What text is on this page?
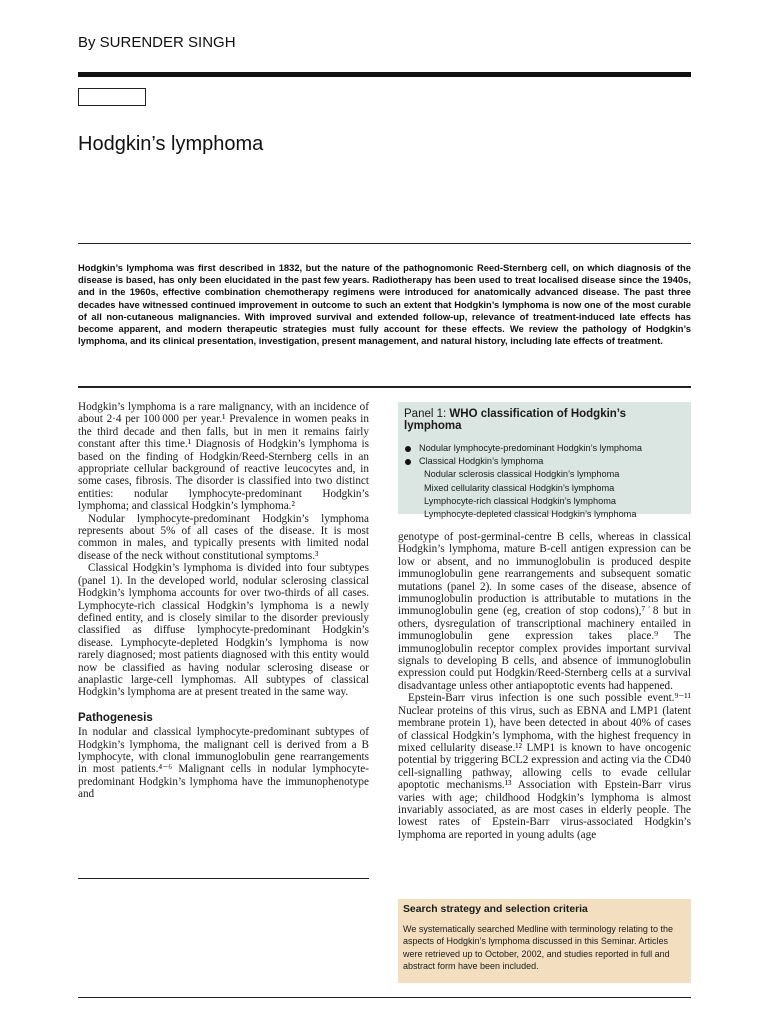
By SURENDER SINGH
Hodgkin’s lymphoma

Hodgkin’s lymphoma was first described in 1832, but the nature of the pathognomonic Reed-Sternberg cell, on which diagnosis of the disease is based, has only been elucidated in the past few years. Radiotherapy has been used to treat localised disease since the 1940s, and in the 1960s, effective combination chemotherapy regimens were introduced for anatomically advanced disease. The past three decades have witnessed continued improvement in outcome to such an extent that Hodgkin’s lymphoma is now one of the most curable of all non-cutaneous malignancies. With improved survival and extended follow-up, relevance of treatment-induced late effects has become apparent, and modern therapeutic strategies must fully account for these effects. We review the pathology of Hodgkin’s lymphoma, and its clinical presentation, investigation, present management, and natural history, including late effects of treatment.

Hodgkin’s lymphoma is a rare malignancy, with an incidence of about 2·4 per 100 000 per year.¹ Prevalence in women peaks in the third decade and then falls, but in men it remains fairly constant after this time.¹ Diagnosis of Hodgkin’s lymphoma is based on the finding of Hodgkin/Reed-Sternberg cells in an appropriate cellular background of reactive leucocytes and, in some cases, fibrosis. The disorder is classified into two distinct entities: nodular lymphocyte-predominant Hodgkin’s lymphoma; and classical Hodgkin’s lymphoma.²

Nodular lymphocyte-predominant Hodgkin’s lymphoma represents about 5% of all cases of the disease. It is most common in males, and typically presents with limited nodal disease of the neck without constitutional symptoms.³

Classical Hodgkin’s lymphoma is divided into four subtypes (panel 1). In the developed world, nodular sclerosing classical Hodgkin’s lymphoma accounts for over two-thirds of all cases. Lymphocyte-rich classical Hodgkin’s lymphoma is a newly defined entity, and is closely similar to the disorder previously classified as diffuse lymphocyte-predominant Hodgkin’s disease. Lymphocyte-depleted Hodgkin’s lymphoma is now rarely diagnosed; most patients diagnosed with this entity would now be classified as having nodular sclerosing disease or anaplastic large-cell lymphomas. All subtypes of classical Hodgkin’s lymphoma are at present treated in the same way.

Pathogenesis

In nodular and classical lymphocyte-predominant subtypes of Hodgkin’s lymphoma, the malignant cell is derived from a B lymphocyte, with clonal immunoglobulin gene rearrangements in most patients.⁴⁻⁶ Malignant cells in nodular lymphocyte-predominant Hodgkin’s lymphoma have the immunophenotype and

Panel 1: WHO classification of Hodgkin’s lymphoma
Nodular lymphocyte-predominant Hodgkin’s lymphoma
Classical Hodgkin’s lymphoma
Nodular sclerosis classical Hodgkin’s lymphoma
Mixed cellularity classical Hodgkin’s lymphoma
Lymphocyte-rich classical Hodgkin’s lymphoma
Lymphocyte-depleted classical Hodgkin’s lymphoma

genotype of post-germinal-centre B cells, whereas in classical Hodgkin’s lymphoma, mature B-cell antigen expression can be low or absent, and no immunoglobulin is produced despite immunoglobulin gene rearrangements and subsequent somatic mutations (panel 2). In some cases of the disease, absence of immunoglobulin production is attributable to mutations in the immunoglobulin gene (eg, creation of stop codons),⁷˙8 but in others, dysregulation of transcriptional machinery entailed in immunoglobulin gene expression takes place.⁹ The immunoglobulin receptor complex provides important survival signals to developing B cells, and absence of immunoglobulin expression could put Hodgkin/Reed-Sternberg cells at a survival disadvantage unless other antiapoptotic events had happened.

Epstein-Barr virus infection is one such possible event.⁹⁻¹¹ Nuclear proteins of this virus, such as EBNA and LMP1 (latent membrane protein 1), have been detected in about 40% of cases of classical Hodgkin’s lymphoma, with the highest frequency in mixed cellularity disease.¹² LMP1 is known to have oncogenic potential by triggering BCL2 expression and acting via the CD40 cell-signalling pathway, allowing cells to evade cellular apoptotic mechanisms.¹³ Association with Epstein-Barr virus varies with age; childhood Hodgkin’s lymphoma is almost invariably associated, as are most cases in elderly people. The lowest rates of Epstein-Barr virus-associated Hodgkin’s lymphoma are reported in young adults (age

Search strategy and selection criteria

We systematically searched Medline with terminology relating to the aspects of Hodgkin’s lymphoma discussed in this Seminar. Articles were retrieved up to October, 2002, and studies reported in full and abstract form have been included.
